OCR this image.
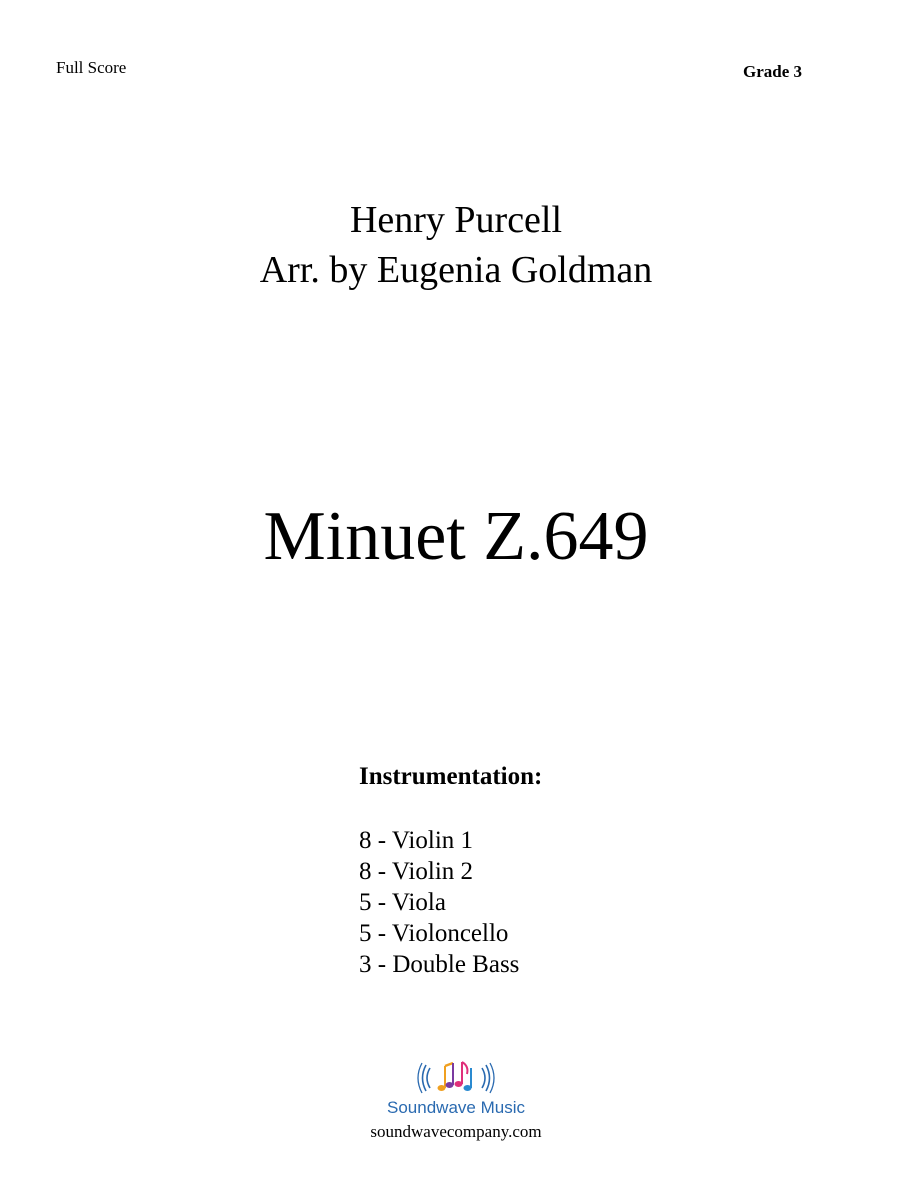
Full Score	Grade 3
Henry Purcell
Arr. by Eugenia Goldman
Minuet Z.649
Instrumentation:
8 - Violin 1
8 - Violin 2
5 - Viola
5 - Violoncello
3 - Double Bass
Soundwave Music
soundwavecompany.com
